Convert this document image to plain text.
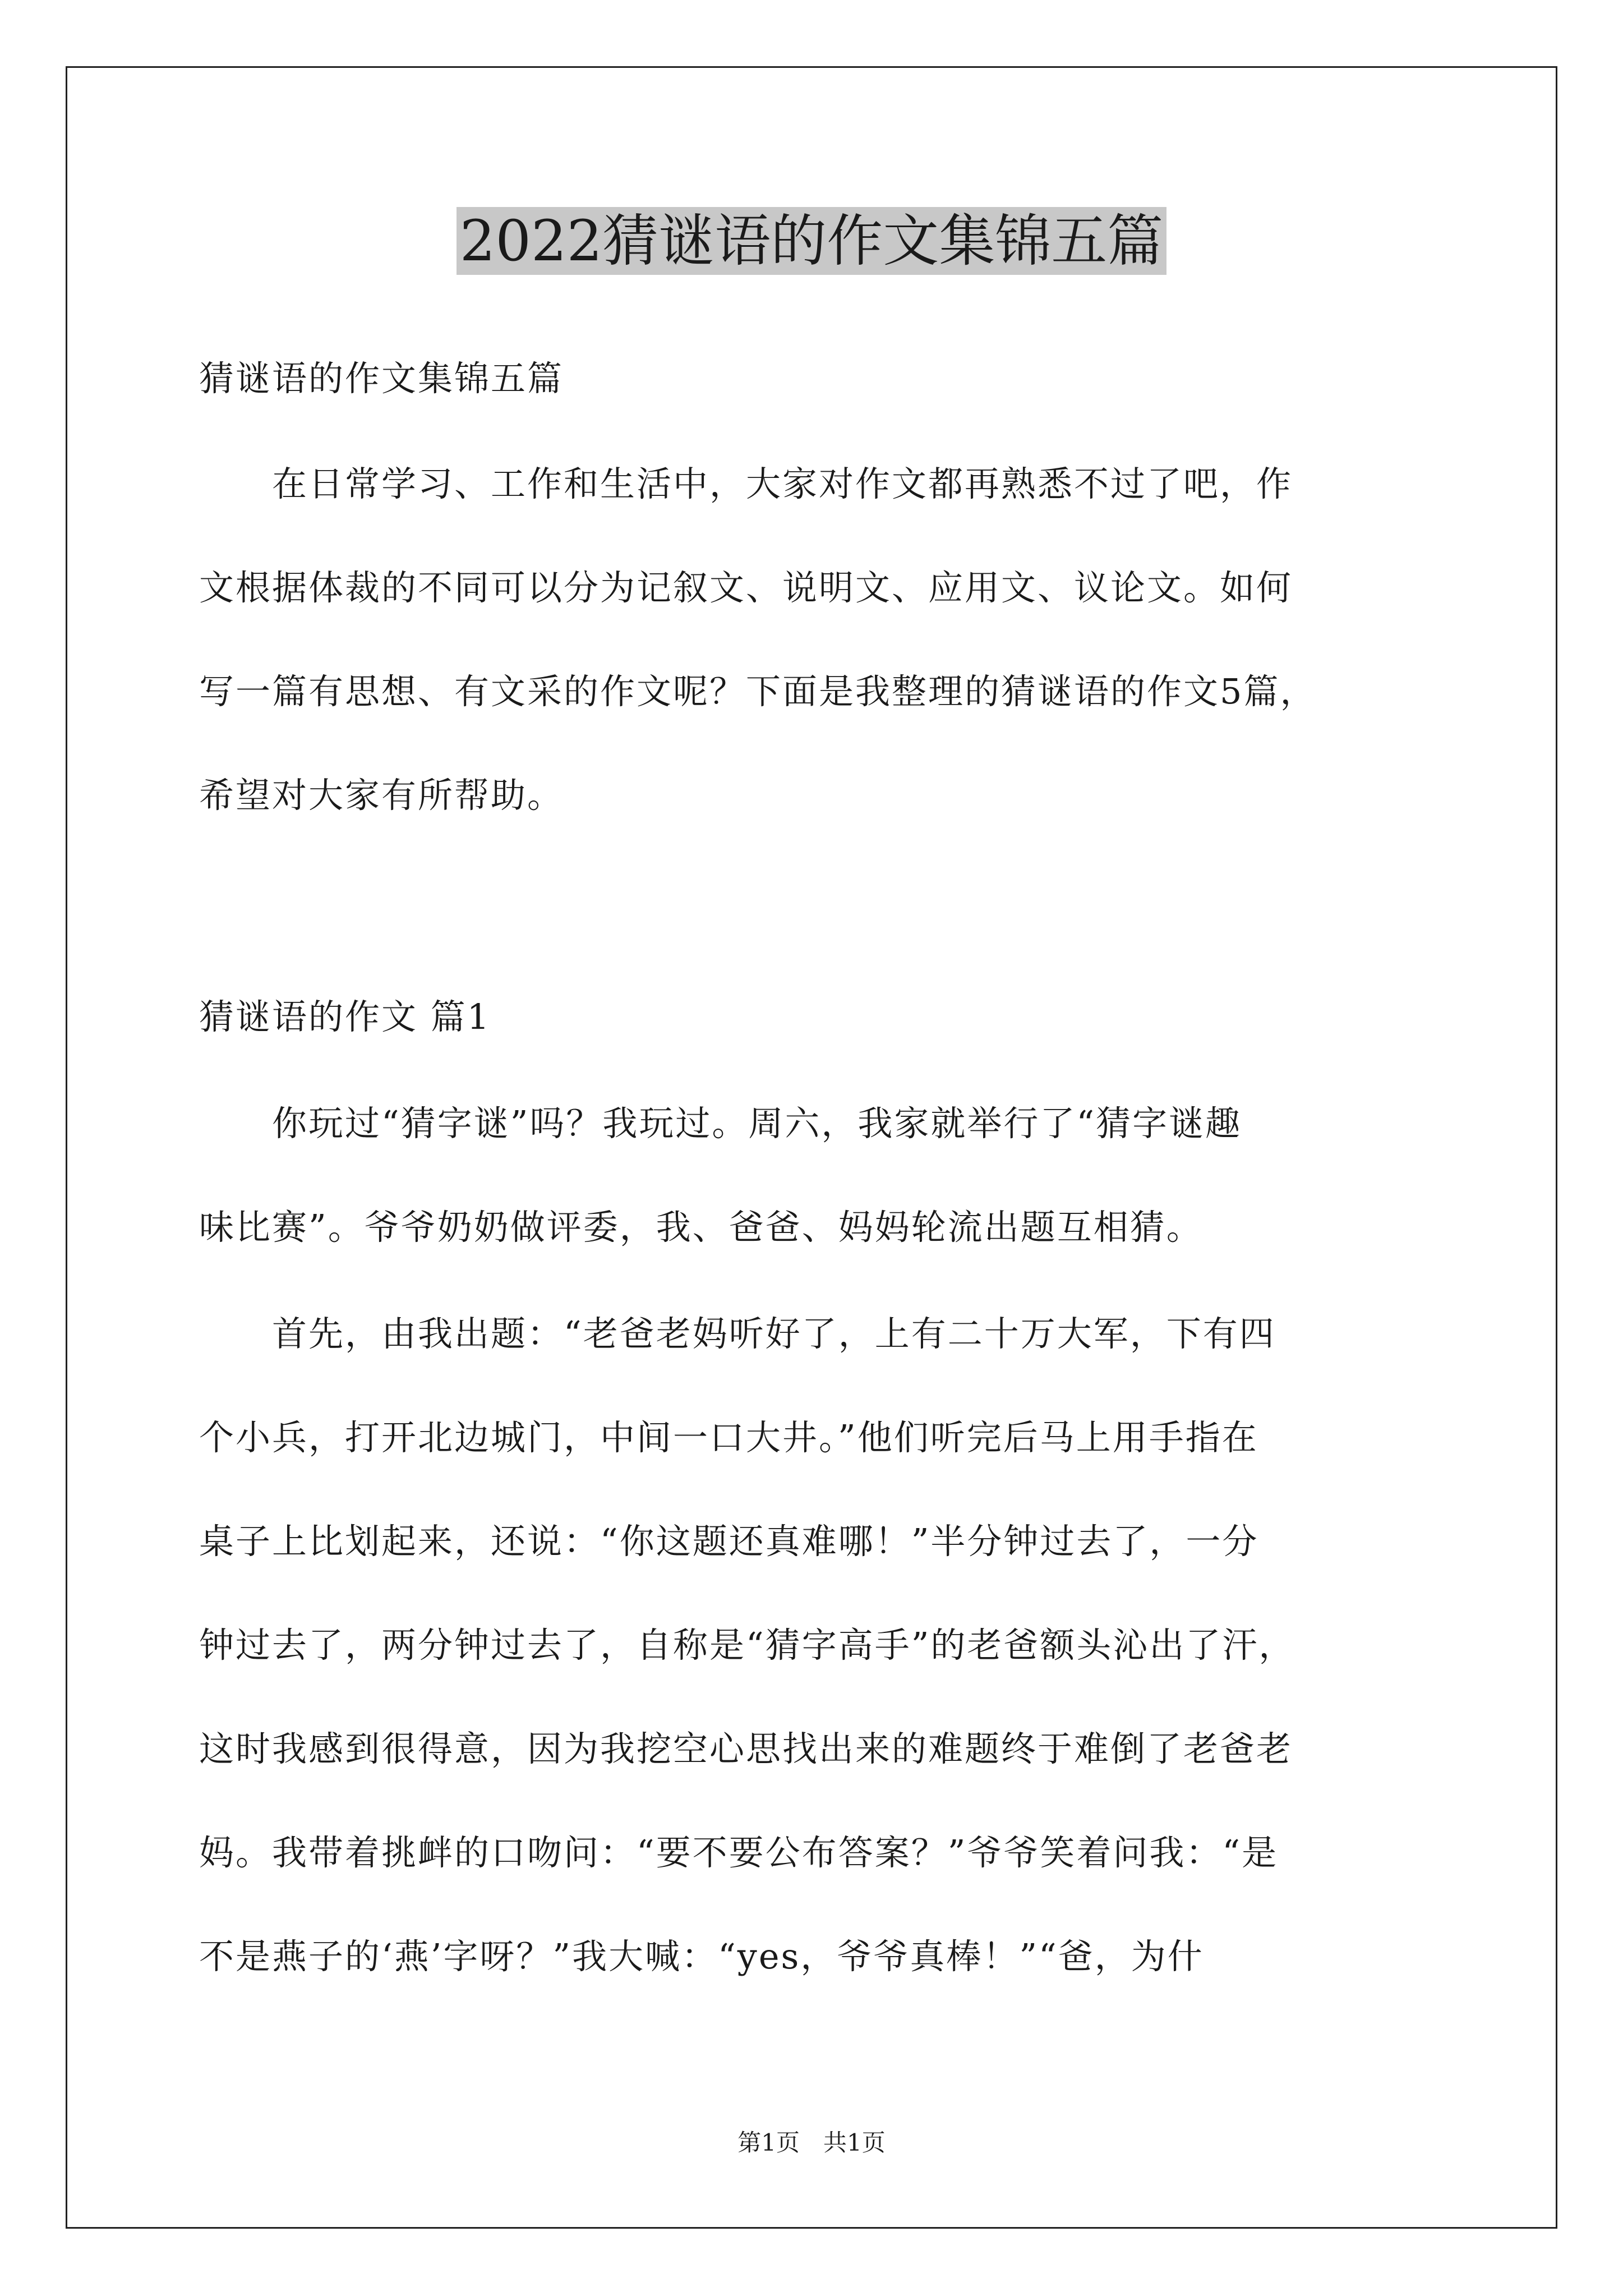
2022猜谜语的作文集锦五篇

猜谜语的作文集锦五篇

　　在日常学习、工作和生活中，大家对作文都再熟悉不过了吧，作

文根据体裁的不同可以分为记叙文、说明文、应用文、议论文。如何

写一篇有思想、有文采的作文呢？下面是我整理的猜谜语的作文5篇，

希望对大家有所帮助。

猜谜语的作文 篇1

　　你玩过“猜字谜”吗？我玩过。周六，我家就举行了“猜字谜趣

味比赛”。爷爷奶奶做评委，我、爸爸、妈妈轮流出题互相猜。

　　首先，由我出题：“老爸老妈听好了，上有二十万大军，下有四

个小兵，打开北边城门，中间一口大井。”他们听完后马上用手指在

桌子上比划起来，还说：“你这题还真难哪！”半分钟过去了，一分

钟过去了，两分钟过去了，自称是“猜字高手”的老爸额头沁出了汗，

这时我感到很得意，因为我挖空心思找出来的难题终于难倒了老爸老

妈。我带着挑衅的口吻问：“要不要公布答案？”爷爷笑着问我：“是

不是燕子的‘燕’字呀？”我大喊：“yes，爷爷真棒！”“爸，为什

第1页　共1页
